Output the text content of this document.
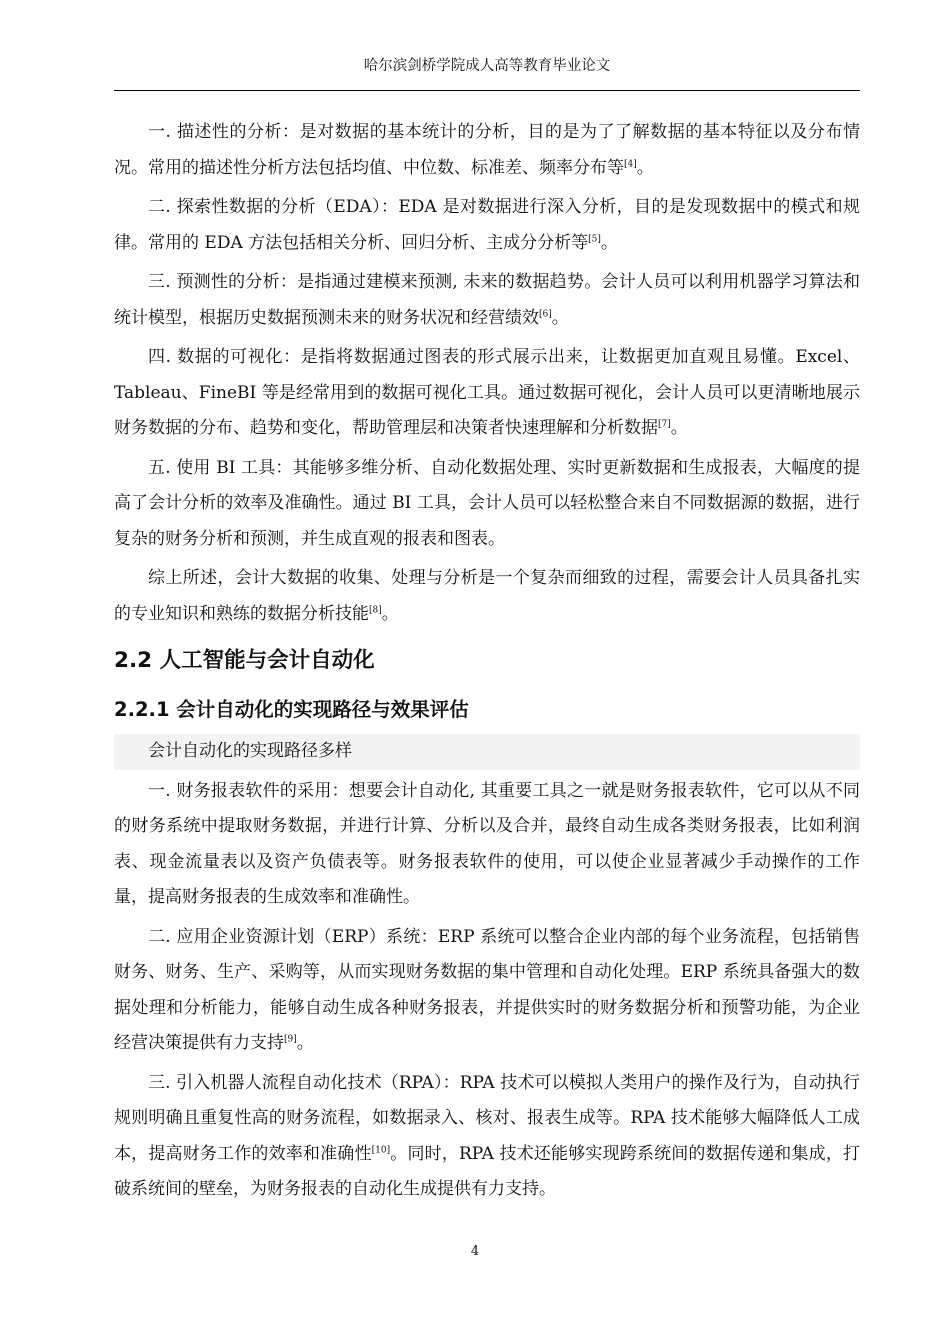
哈尔滨剑桥学院成人高等教育毕业论文

一. 描述性的分析：是对数据的基本统计的分析，目的是为了了解数据的基本特征以及分布情况。常用的描述性分析方法包括均值、中位数、标准差、频率分布等[4]。

二. 探索性数据的分析（EDA）：EDA 是对数据进行深入分析，目的是发现数据中的模式和规律。常用的 EDA 方法包括相关分析、回归分析、主成分分析等[5]。

三. 预测性的分析：是指通过建模来预测, 未来的数据趋势。会计人员可以利用机器学习算法和统计模型，根据历史数据预测未来的财务状况和经营绩效[6]。

四. 数据的可视化：是指将数据通过图表的形式展示出来，让数据更加直观且易懂。Excel、Tableau、FineBI 等是经常用到的数据可视化工具。通过数据可视化，会计人员可以更清晰地展示财务数据的分布、趋势和变化，帮助管理层和决策者快速理解和分析数据[7]。

五. 使用 BI 工具：其能够多维分析、自动化数据处理、实时更新数据和生成报表，大幅度的提高了会计分析的效率及准确性。通过 BI 工具，会计人员可以轻松整合来自不同数据源的数据，进行复杂的财务分析和预测，并生成直观的报表和图表。

综上所述，会计大数据的收集、处理与分析是一个复杂而细致的过程，需要会计人员具备扎实的专业知识和熟练的数据分析技能[8]。

2.2 人工智能与会计自动化
2.2.1 会计自动化的实现路径与效果评估

会计自动化的实现路径多样

一. 财务报表软件的采用：想要会计自动化, 其重要工具之一就是财务报表软件，它可以从不同的财务系统中提取财务数据，并进行计算、分析以及合并，最终自动生成各类财务报表，比如利润表、现金流量表以及资产负债表等。财务报表软件的使用，可以使企业显著减少手动操作的工作量，提高财务报表的生成效率和准确性。

二. 应用企业资源计划（ERP）系统：ERP 系统可以整合企业内部的每个业务流程，包括销售财务、财务、生产、采购等，从而实现财务数据的集中管理和自动化处理。ERP 系统具备强大的数据处理和分析能力，能够自动生成各种财务报表，并提供实时的财务数据分析和预警功能，为企业经营决策提供有力支持[9]。

三. 引入机器人流程自动化技术（RPA）：RPA 技术可以模拟人类用户的操作及行为，自动执行规则明确且重复性高的财务流程，如数据录入、核对、报表生成等。RPA 技术能够大幅降低人工成本，提高财务工作的效率和准确性[10]。同时，RPA 技术还能够实现跨系统间的数据传递和集成，打破系统间的壁垒，为财务报表的自动化生成提供有力支持。

4
